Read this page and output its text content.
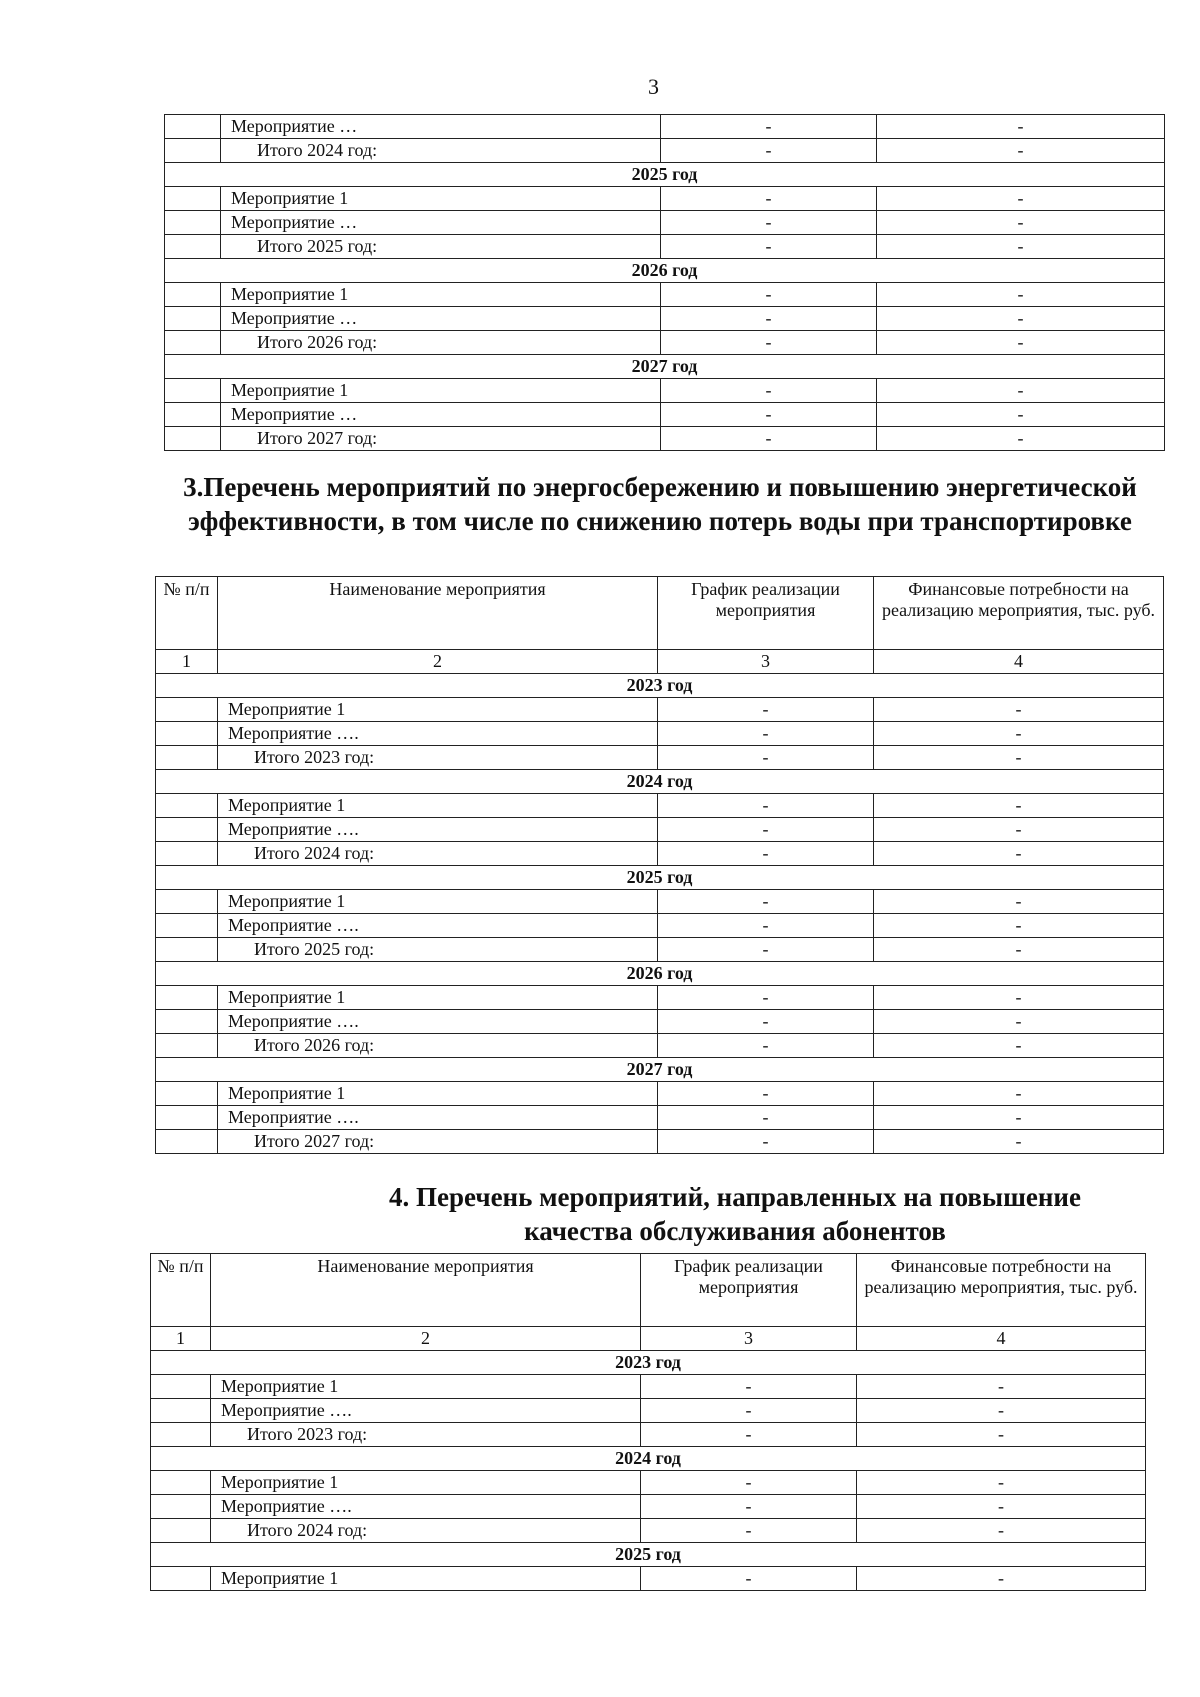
3
	Мероприятие …	-	-
	Итого 2024 год:	-	-
2025 год			
	Мероприятие 1	-	-
	Мероприятие …	-	-
	Итого 2025 год:	-	-
2026 год			
	Мероприятие 1	-	-
	Мероприятие …	-	-
	Итого 2026 год:	-	-
2027 год			
	Мероприятие 1	-	-
	Мероприятие …	-	-
	Итого 2027 год:	-	-
3.Перечень мероприятий по энергосбережению и повышению энергетической эффективности, в том числе по снижению потерь воды при транспортировке
№ п/п	Наименование мероприятия	График реализации мероприятия	Финансовые потребности на реализацию мероприятия, тыс. руб.
1	2	3	4
2023 год			
	Мероприятие 1	-	-
	Мероприятие ….	-	-
	Итого 2023 год:	-	-
2024 год			
	Мероприятие 1	-	-
	Мероприятие ….	-	-
	Итого 2024 год:	-	-
2025 год			
	Мероприятие 1	-	-
	Мероприятие ….	-	-
	Итого 2025 год:	-	-
2026 год			
	Мероприятие 1	-	-
	Мероприятие ….	-	-
	Итого 2026 год:	-	-
2027 год			
	Мероприятие 1	-	-
	Мероприятие ….	-	-
	Итого 2027 год:	-	-
4. Перечень мероприятий, направленных на повышение качества обслуживания абонентов
№ п/п	Наименование мероприятия	График реализации мероприятия	Финансовые потребности на реализацию мероприятия, тыс. руб.
1	2	3	4
2023 год			
	Мероприятие 1	-	-
	Мероприятие ….	-	-
	Итого 2023 год:	-	-
2024 год			
	Мероприятие 1	-	-
	Мероприятие ….	-	-
	Итого 2024 год:	-	-
2025 год			
	Мероприятие 1	-	-
